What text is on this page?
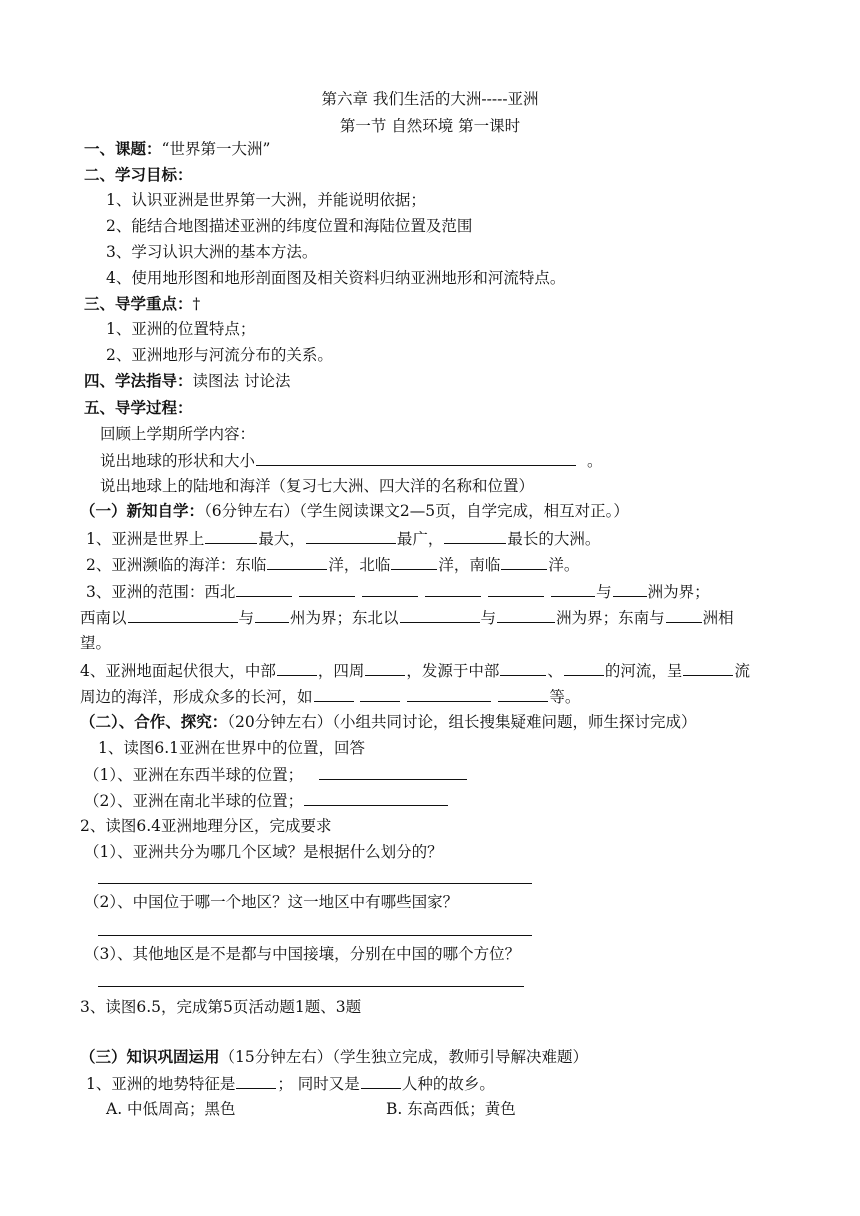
第六章 我们生活的大洲-----亚洲
第一节 自然环境 第一课时
一、课题：“世界第一大洲”
二、学习目标：
1、认识亚洲是世界第一大洲，并能说明依据；
2、能结合地图描述亚洲的纬度位置和海陆位置及范围
3、学习认识大洲的基本方法。
4、使用地形图和地形剖面图及相关资料归纳亚洲地形和河流特点。
三、导学重点：†
1、亚洲的位置特点；
2、亚洲地形与河流分布的关系。
四、学法指导：读图法 讨论法
五、导学过程：
回顾上学期所学内容：
说出地球的形状和大小	。
说出地球上的陆地和海洋（复习七大洲、四大洋的名称和位置）
（一）新知自学：（6分钟左右）（学生阅读课文2—5页，自学完成，相互对正。）
1、亚洲是世界上	最大，	最广，	最长的大洲。
2、亚洲濒临的海洋：东临	洋，北临	洋，南临	洋。
3、亚洲的范围：西北	与 洲为界；
西南以	与 州为界；东北以	与	洲为界；东南与 洲相
望。
4、亚洲地面起伏很大，中部	，四周	，发源于中部	、	的河流，呈	流
周边的海洋，形成众多的长河，如	等。
（二）、合作、探究：（20分钟左右）（小组共同讨论，组长搜集疑难问题，师生探讨完成）
1、读图6.1亚洲在世界中的位置，回答
（1）、亚洲在东西半球的位置；
（2）、亚洲在南北半球的位置；
2、读图6.4亚洲地理分区，完成要求
（1）、亚洲共分为哪几个区域？是根据什么划分的？
（2）、中国位于哪一个地区？这一地区中有哪些国家？
（3）、其他地区是不是都与中国接壤，分别在中国的哪个方位？
3、读图6.5，完成第5页活动题1题、3题
（三）知识巩固运用（15分钟左右）（学生独立完成，教师引导解决难题）
1、亚洲的地势特征是	； 同时又是	人种的故乡。
A. 中低周高；黑色	B. 东高西低；黄色
